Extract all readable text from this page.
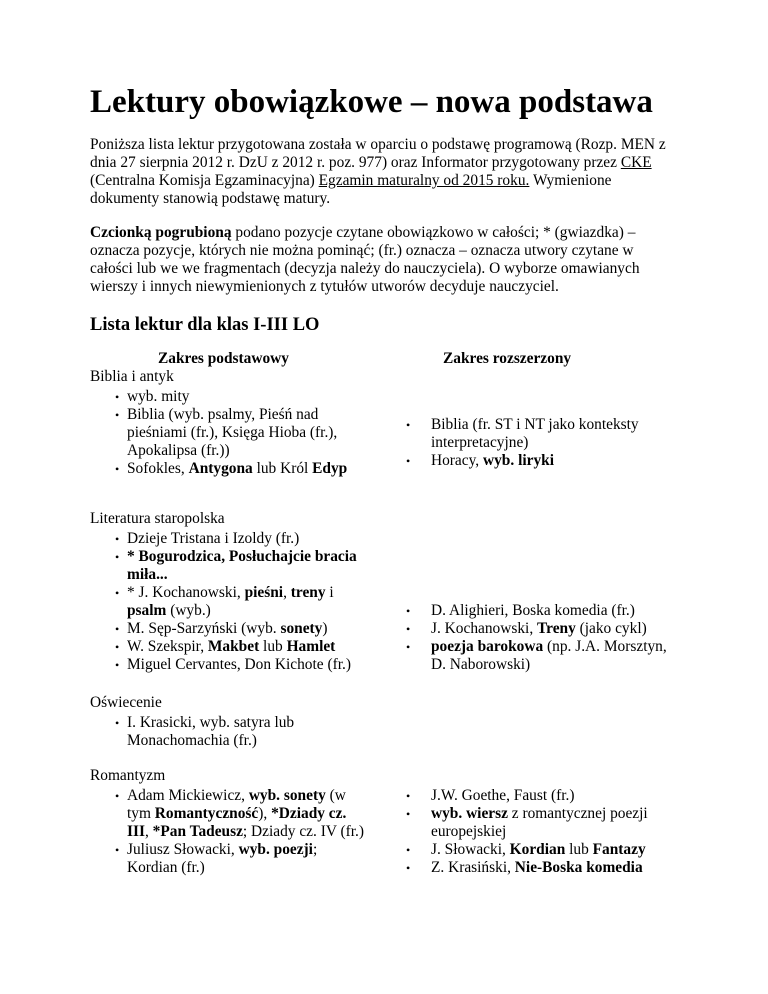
Lektury obowiązkowe – nowa podstawa

Poniższa lista lektur przygotowana została w oparciu o podstawę programową (Rozp. MEN z dnia 27 sierpnia 2012 r. DzU z 2012 r. poz. 977) oraz Informator przygotowany przez CKE (Centralna Komisja Egzaminacyjna) Egzamin maturalny od 2015 roku. Wymienione dokumenty stanowią podstawę matury.

Czcionką pogrubioną podano pozycje czytane obowiązkowo w całości; * (gwiazdka) – oznacza pozycje, których nie można pominąć; (fr.) oznacza – oznacza utwory czytane w całości lub we we fragmentach (decyzja należy do nauczyciela). O wyborze omawianych wierszy i innych niewymienionych z tytułów utworów decyduje nauczyciel.

Lista lektur dla klas I-III LO
Zakres podstawowy	Zakres rozszerzony
Biblia i antyk
• wyb. mity
• Biblia (wyb. psalmy, Pieśń nad pieśniami (fr.), Księga Hioba (fr.), Apokalipsa (fr.))
• Sofokles, Antygona lub Król Edyp
• Biblia (fr. ST i NT jako konteksty interpretacyjne)
• Horacy, wyb. liryki
Literatura staropolska
• Dzieje Tristana i Izoldy (fr.)
• * Bogurodzica, Posłuchajcie bracia miła...
• * J. Kochanowski, pieśni, treny i psalm (wyb.)
• M. Sęp-Sarzyński (wyb. sonety)
• W. Szekspir, Makbet lub Hamlet
• Miguel Cervantes, Don Kichote (fr.)
• D. Alighieri, Boska komedia (fr.)
• J. Kochanowski, Treny (jako cykl)
• poezja barokowa (np. J.A. Morsztyn, D. Naborowski)
Oświecenie
• I. Krasicki, wyb. satyra lub Monachomachia (fr.)
Romantyzm
• Adam Mickiewicz, wyb. sonety (w tym Romantyczność), *Dziady cz. III, *Pan Tadeusz; Dziady cz. IV (fr.)
• Juliusz Słowacki, wyb. poezji; Kordian (fr.)
• J.W. Goethe, Faust (fr.)
• wyb. wiersz z romantycznej poezji europejskiej
• J. Słowacki, Kordian lub Fantazy
• Z. Krasiński, Nie-Boska komedia
